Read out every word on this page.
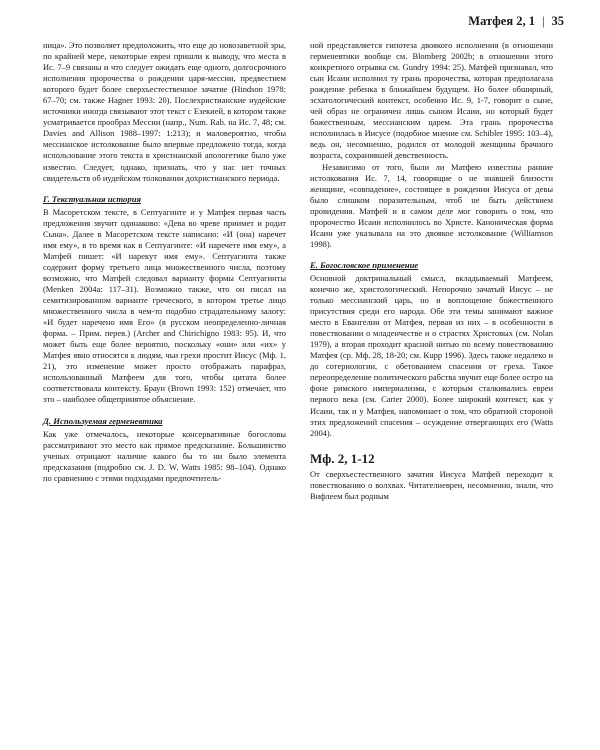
Матфея 2, 1 | 35

ница». Это позволяет предположить, что еще до новозаветной эры, по крайней мере, некоторые евреи пришли к выводу, что места в Ис. 7–9 связаны и что следует ожидать еще одного, долгосрочного исполнения пророчества о рождении царя-мессии, предвестием которого будет более сверхъестественное зачатие (Hindson 1978: 67–70; см. также Hagner 1993: 20). Послехристианские иудейские источники иногда связывают этот текст с Езекией, в котором также усматривается прообраз Мессии (напр., Num. Rab. на Ис. 7, 48; см. Davies and Allison 1988–1997: 1:213); и маловероятно, чтобы мессианское истолкование было впервые предложено тогда, когда использование этого текста в христианской апологетике было уже известно. Следует, однако, признать, что у нас нет точных свидетельств об иудейском толковании дохристианского периода.

Г. Текстуальная история

В Масоретском тексте, в Септуагинте и у Матфея первая часть предложения звучит одинаково: «Дева во чреве приимет и родит Сына». Далее в Масоретском тексте написано: «И (она) наречет имя ему», в то время как в Септуагинте: «И наречете имя ему», а Матфей пишет: «И нарекут имя ему». Септуагинта также содержит форму третьего лица множественного числа, поэтому возможно, что Матфей следовал варианту формы Септуагинты (Menken 2004a: 117–31). Возможно также, что он писал на семитизированном варианте греческого, в котором третье лицо множественного числа в чем-то подобно страдательному залогу: «И будет наречено имя Его» (в русском неопределенно-личная форма. – Прим. перев.) (Archer and Chirichigno 1983: 95). И, что может быть еще более вероятно, поскольку «они» или «их» у Матфея явно относятся к людям, чьи грехи простит Иисус (Мф. 1, 21), это изменение может просто отображать парафраз, использованный Матфеем для того, чтобы цитата более соответствовала контексту. Браун (Brown 1993: 152) отмечает, что это – наиболее общепринятое объяснение.

Д. Используемая герменевтика

Как уже отмечалось, некоторые консервативные богословы рассматривают это место как прямое предсказание. Большинство ученых отрицают наличие какого бы то ни было элемента предсказания (подробно см. J. D. W. Watts 1985: 98–104). Однако по сравнению с этими подходами предпочтитель-

ной представляется гипотеза двоякого исполнения (в отношении герменевтики вообще см. Blomberg 2002b; в отношении этого конкретного отрывка см. Gundry 1994: 25). Матфей признавал, что сын Исаии исполнил ту грань пророчества, которая предполагала рождение ребенка в ближайшем будущем. Но более обширный, эсхатологический контекст, особенно Ис. 9, 1-7, говорит о сыне, чей образ не ограничен лишь сыном Исаии, но который будет божественным, мессианским царем. Эта грань пророчества исполнилась в Иисусе (подобное мнение см. Schibler 1995: 103–4), ведь он, несомненно, родился от молодой женщины брачного возраста, сохранившей девственность.

Независимо от того, были ли Матфею известны ранние истолкования Ис. 7, 14, говорящие о не знавшей близости женщине, «совпадение», состоящее в рождении Иисуса от девы было слишком поразительным, чтоб не быть действием провидения. Матфей и в самом деле мог говорить о том, что пророчество Исаии исполнилось во Христе. Каноническая форма Исаии уже указывала на это двоякое истолкование (Williamson 1998).

Е. Богословское применение

Основной доктринальный смысл, вкладываемый Матфеем, конечно же, христологический. Непорочно зачатый Иисус – не только мессианский царь, но и воплощение божественного присутствия среди его народа. Обе эти темы занимают важное место в Евангелии от Матфея, первая из них – в особенности в повествовании о младенчестве и о страстях Христовых (см. Nolan 1979), а вторая проходит красной нитью по всему повествованию Матфея (ср. Мф. 28, 18-20; см. Kupp 1996). Здесь также недалеко и до сотериологии, с обетованием спасения от греха. Такое переопределение политического рабства звучит еще более остро на фоне римского империализма, с которым сталкивались евреи первого века (см. Carter 2000). Более широкий контекст, как у Исаии, так и у Матфея, напоминает о том, что обратной стороной этих предложений спасения – осуждение отвергающих его (Watts 2004).

Мф. 2, 1-12

От сверхъестественного зачатия Иисуса Матфей переходит к повествованию о волхвах. Читателиевреи, несомненно, знали, что Вифлеем был родным
